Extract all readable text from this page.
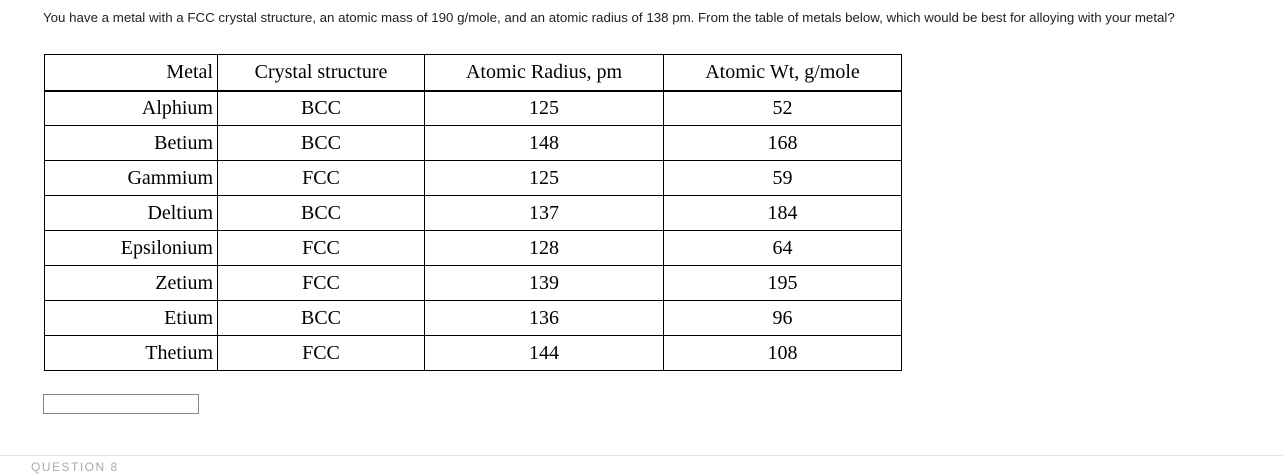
You have a metal with a FCC crystal structure, an atomic mass of 190 g/mole, and an atomic radius of 138 pm. From the table of metals below, which would be best for alloying with your metal?
Metal	Crystal structure	Atomic Radius, pm	Atomic Wt, g/mole
Alphium	BCC	125	52
Betium	BCC	148	168
Gammium	FCC	125	59
Deltium	BCC	137	184
Epsilonium	FCC	128	64
Zetium	FCC	139	195
Etium	BCC	136	96
Thetium	FCC	144	108
QUESTION 8
